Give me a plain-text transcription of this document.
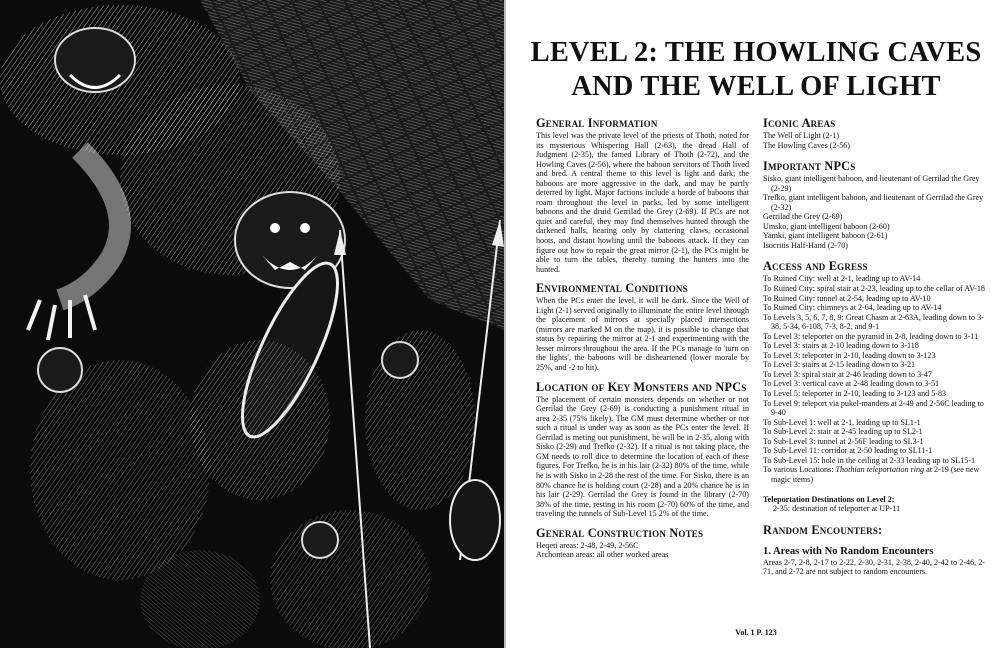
LEVEL 2: THE HOWLING CAVES
AND THE WELL OF LIGHT
General Information

This level was the private level of the priests of Thoth, noted for its mysterious Whispering Hall (2-63), the dread Hall of Judgment (2-35), the famed Library of Thoth (2-72), and the Howling Caves (2-56), where the baboon servitors of Thoth lived and bred. A central theme to this level is light and dark; the baboons are more aggressive in the dark, and may be partly deterred by light. Major factions include a horde of baboons that roam throughout the level in packs, led by some intelligent baboons and the druid Gerrilad the Grey (2-69). If PCs are not quiet and careful, they may find themselves hunted through the darkened halls, hearing only by clattering claws, occasional hoots, and distant howling until the baboons attack. If they can figure out how to repair the great mirror (2-1), the PCs might be able to turn the tables, thereby turning the hunters into the hunted.

Environmental Conditions

When the PCs enter the level, it will be dark. Since the Well of Light (2-1) served originally to illuminate the entire level through the placement of mirrors at specially placed intersections (mirrors are marked M on the map), it is possible to change that status by repairing the mirror at 2-1 and experimenting with the lesser mirrors throughout the area. If the PCs manage to 'turn on the lights', the baboons will be disheartened (lower morale by 25%, and -2 to hit).

Location of Key Monsters and NPCs

The placement of certain monsters depends on whether or not Gerrilad the Grey (2-69) is conducting a punishment ritual in area 2-35 (75% likely). The GM must determine whether or not such a ritual is under way as soon as the PCs enter the level. If Gerrilad is meting out punishment, he will be in 2-35, along with Sisko (2-29) and Trefko (2-32). If a ritual is not taking place, the GM needs to roll dice to determine the location of each of these figures. For Trefko, he is in his lair (2-32) 80% of the time, while he is with Sisko in 2-28 the rest of the time. For Sisko, there is an 80% chance he is holding court (2-28) and a 20% chance he is in his lair (2-29). Gerrilad the Grey is found in the library (2-70) 38% of the time, resting in his room (2-70) 60% of the time, and traveling the tunnels of Sub-Level 15 2% of the time.

General Construction Notes

Heqeti areas: 2-48, 2-49, 2-56C

Archontean areas: all other worked areas

Iconic Areas

The Well of Light (2-1)

The Howling Caves (2-56)

Important NPCs

Sisko, giant intelligent baboon, and lieutenant of Gerrilad the Grey (2-29)

Trefko, giant intelligent baboon, and lieutenant of Gerrilad the Grey (2-32)

Gerrilad the Grey (2-69)

Umsko, giant intelligent baboon (2-60)

Yamki, giant intelligent baboon (2-61)

Isocritis Half-Hand (2-70)

Access and Egress

To Ruined City: well at 2-1, leading up to AV-14

To Ruined City: spiral stair at 2-23, leading up to the cellar of AV-18

To Ruined City: tunnel at 2-54, leading up to AV-10

To Ruined City: chimneys at 2-64, leading up to AV-14

To Levels 3, 5, 6, 7, 8, 9: Great Chasm at 2-63A, leading down to 3-38, 5-34, 6-108, 7-3, 8-2, and 9-1

To Level 3: teleporter on the pyramid in 2-8, leading down to 3-11

To Level 3: stairs at 2-10 leading down to 3-118

To Level 3: teleporter in 2-10, leading down to 3-123

To Level 3: stairs at 2-15 leading down to 3-21

To Level 3: spiral stair at 2-46 leading down to 3-47

To Level 3: vertical cave at 2-48 leading down to 3-51

To Level 5: teleporter in 2-10, leading to 3-123 and 5-83

To Level 9: teleport via pukel-manders at 2-49 and 2-56C leading to 9-40

To Sub-Level 1: well at 2-1, leading up to SL1-1

To Sub-Level 2: stair at 2-45 leading up to SL2-1

To Sub-Level 3: tunnel at 2-56F leading to SL3-1

To Sub-Level 11: corridor at 2-50 leading to SL11-1

To Sub-Level 15: hole in the ceiling at 2-33 leading up to SL15-1

To various Locations: Thothian teleportation ring at 2-19 (see new magic items)

Teleportation Destinations on Level 2:

2-35: destination of teleporter at UP-11

Random Encounters:

1. Areas with No Random Encounters

Areas 2-7, 2-8, 2-17 to 2-22, 2-30, 2-31, 2-38, 2-40, 2-42 to 2-46, 2-71, and 2-72 are not subject to random encounters.

Vol. 1 P. 123
